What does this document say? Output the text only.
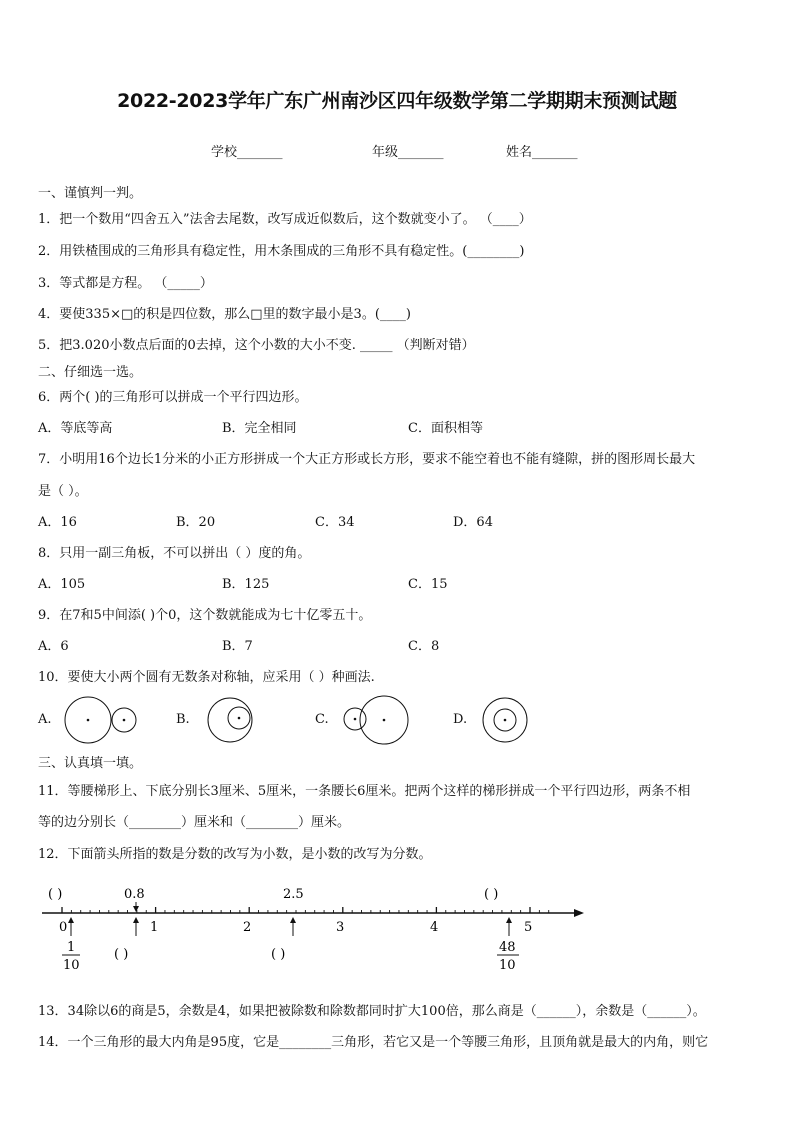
2022-2023学年广东广州南沙区四年级数学第二学期期末预测试题
学校_______	年级_______	姓名_______
一、谨慎判一判。
1．把一个数用“四舍五入”法舍去尾数，改写成近似数后，这个数就变小了。 （____）
2．用铁楂围成的三角形具有稳定性，用木条围成的三角形不具有稳定性。(________)
3．等式都是方程。 （_____）
4．要使335×□的积是四位数，那么□里的数字最小是3。(____)
5．把3.020小数点后面的0去掉，这个小数的大小不变. _____ （判断对错）
二、仔细选一选。
6．两个( )的三角形可以拼成一个平行四边形。
A．等底等高	B．完全相同	C．面积相等
7．小明用16个边长1分米的小正方形拼成一个大正方形或长方形，要求不能空着也不能有缝隙，拼的图形周长最大
是（ ）。
A．16	B．20	C．34	D．64
8．只用一副三角板，不可以拼出（ ）度的角。
A．105	B．125	C．15
9．在7和5中间添( )个0，这个数就能成为七十亿零五十。
A．6	B．7	C．8
10．要使大小两个圆有无数条对称轴，应采用（ ）种画法.
A.	B.	C.	D.
三、认真填一填。
11．等腰梯形上、下底分别长3厘米、5厘米，一条腰长6厘米。把两个这样的梯形拼成一个平行四边形，两条不相
等的边分别长（________）厘米和（________）厘米。
12．下面箭头所指的数是分数的改写为小数，是小数的改写为分数。
( )	0.8	2.5	( )
0	1	2	3	4	5
1
10
( )	( )	48
10
13．34除以6的商是5，余数是4，如果把被除数和除数都同时扩大100倍，那么商是（______），余数是（______）。
14．一个三角形的最大内角是95度，它是________三角形，若它又是一个等腰三角形，且顶角就是最大的内角，则它
